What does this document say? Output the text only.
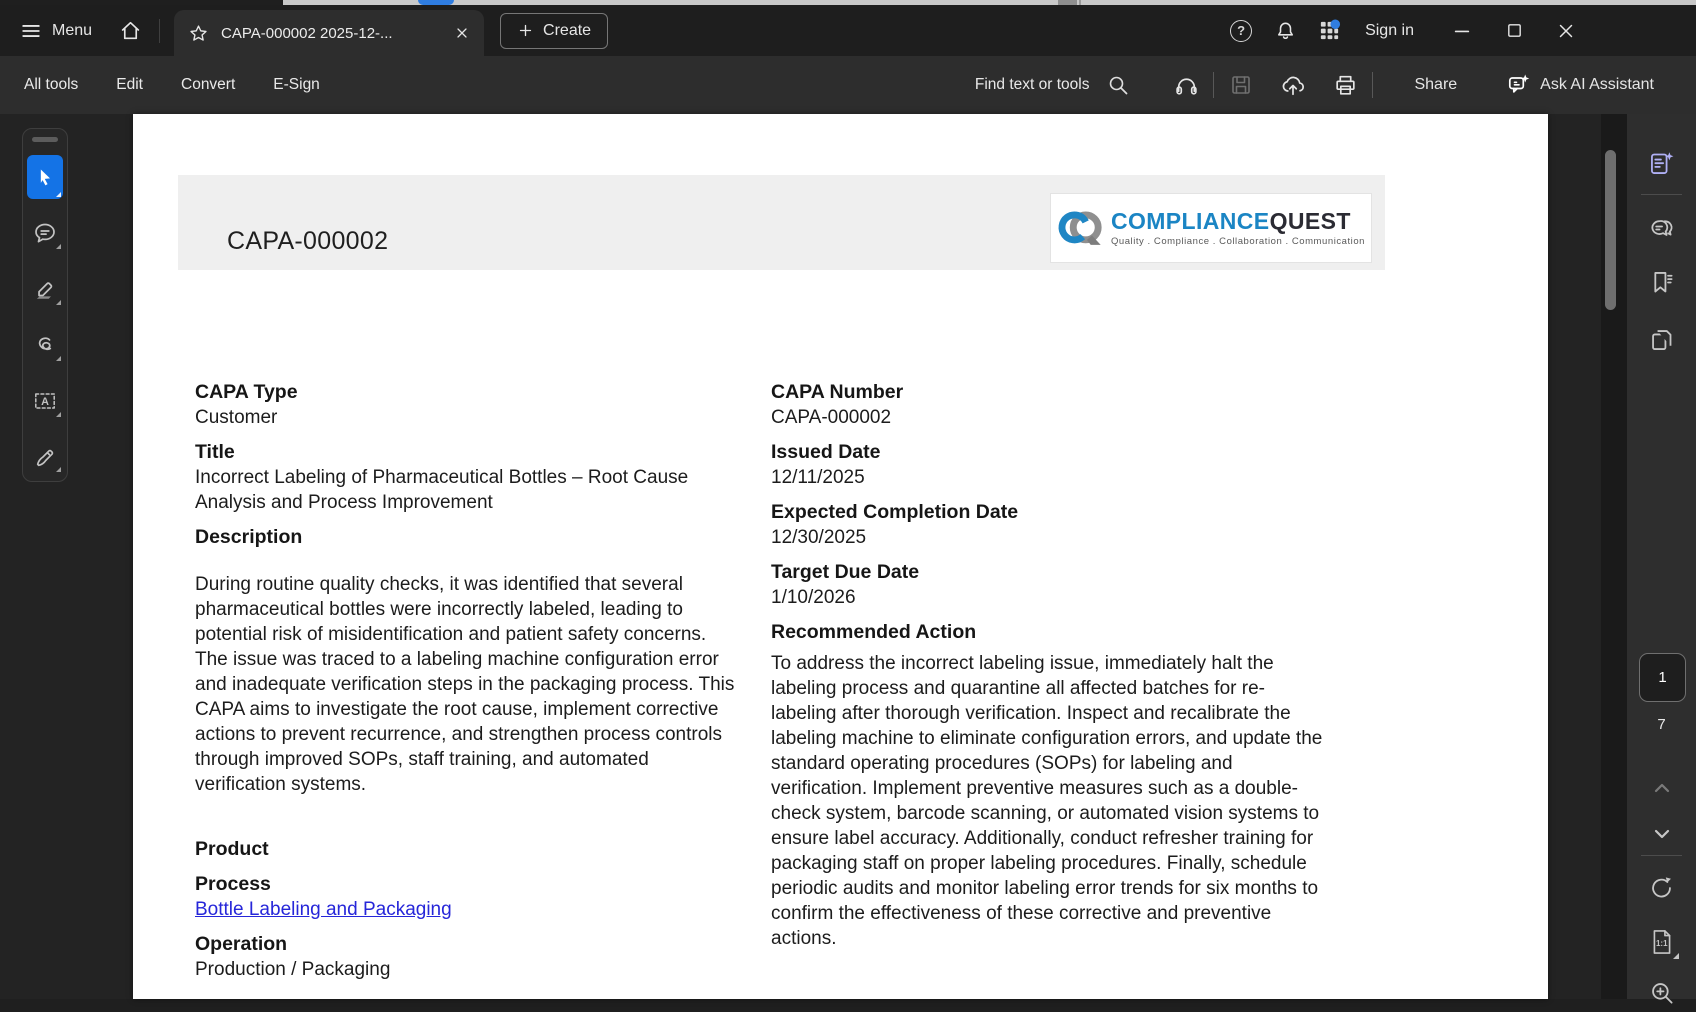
Menu	CAPA-000002 2025-12-...	Create	?	Sign in
All tools Edit Convert E-Sign
Find text or tools	Share	Ask AI Assistant
CAPA-000002
COMPLIANCEQUEST
Quality . Compliance . Collaboration . Communication
CAPA Type
Customer
Title
Incorrect Labeling of Pharmaceutical Bottles – Root Cause Analysis and Process Improvement
Description

During routine quality checks, it was identified that several pharmaceutical bottles were incorrectly labeled, leading to potential risk of misidentification and patient safety concerns. The issue was traced to a labeling machine configuration error and inadequate verification steps in the packaging process. This CAPA aims to investigate the root cause, implement corrective actions to prevent recurrence, and strengthen process controls through improved SOPs, staff training, and automated verification systems.

Product
Process
Bottle Labeling and Packaging
Operation
Production / Packaging
CAPA Number
CAPA-000002
Issued Date
12/11/2025
Expected Completion Date
12/30/2025
Target Due Date
1/10/2026
Recommended Action

To address the incorrect labeling issue, immediately halt the labeling process and quarantine all affected batches for re-labeling after thorough verification. Inspect and recalibrate the labeling machine to eliminate configuration errors, and update the standard operating procedures (SOPs) for labeling and verification. Implement preventive measures such as a double-check system, barcode scanning, or automated vision systems to ensure label accuracy. Additionally, conduct refresher training for packaging staff on proper labeling procedures. Finally, schedule periodic audits and monitor labeling error trends for six months to confirm the effectiveness of these corrective and preventive actions.

A
1
7
1:1
